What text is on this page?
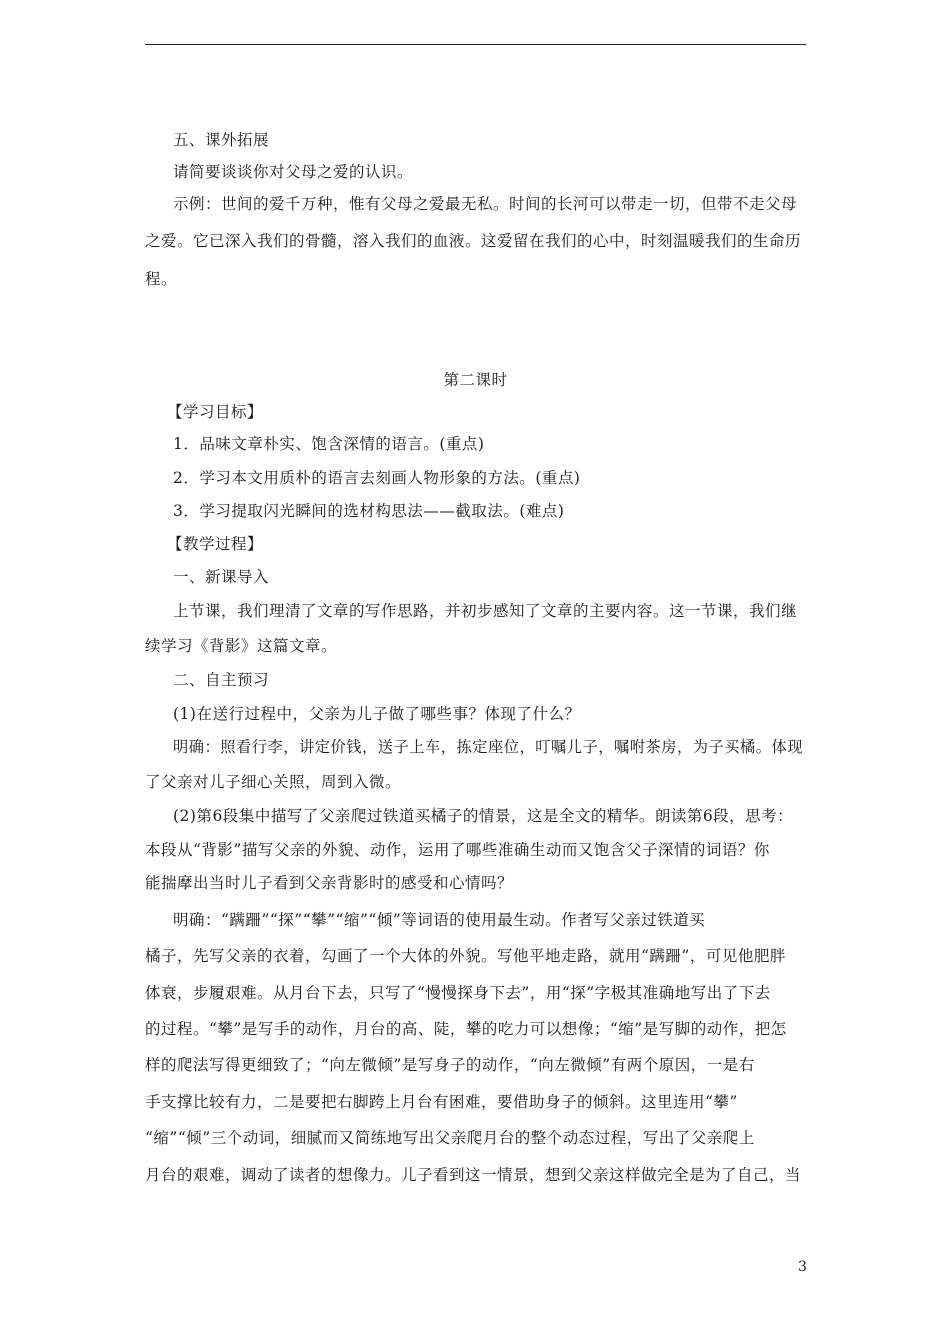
五、课外拓展
请简要谈谈你对父母之爱的认识。
示例：世间的爱千万种，惟有父母之爱最无私。时间的长河可以带走一切，但带不走父母
之爱。它已深入我们的骨髓，溶入我们的血液。这爱留在我们的心中，时刻温暖我们的生命历
程。
第二课时
【学习目标】
1．品味文章朴实、饱含深情的语言。(重点)
2．学习本文用质朴的语言去刻画人物形象的方法。(重点)
3．学习提取闪光瞬间的选材构思法——截取法。(难点)
【教学过程】
一、新课导入
上节课，我们理清了文章的写作思路，并初步感知了文章的主要内容。这一节课，我们继
续学习《背影》这篇文章。
二、自主预习
(1)在送行过程中，父亲为儿子做了哪些事？体现了什么？
明确：照看行李，讲定价钱，送子上车，拣定座位，叮嘱儿子，嘱咐茶房，为子买橘。体现
了父亲对儿子细心关照，周到入微。
(2)第6段集中描写了父亲爬过铁道买橘子的情景，这是全文的精华。朗读第6段，思考：
本段从“背影”描写父亲的外貌、动作，运用了哪些准确生动而又饱含父子深情的词语？你
能揣摩出当时儿子看到父亲背影时的感受和心情吗？
明确：“蹒跚”“探”“攀”“缩”“倾”等词语的使用最生动。作者写父亲过铁道买
橘子，先写父亲的衣着，勾画了一个大体的外貌。写他平地走路，就用“蹒跚”，可见他肥胖
体衰，步履艰难。从月台下去，只写了“慢慢探身下去”，用“探”字极其准确地写出了下去
的过程。“攀”是写手的动作，月台的高、陡，攀的吃力可以想像；“缩”是写脚的动作，把怎
样的爬法写得更细致了；“向左微倾”是写身子的动作，“向左微倾”有两个原因，一是右
手支撑比较有力，二是要把右脚跨上月台有困难，要借助身子的倾斜。这里连用“攀”
“缩”“倾”三个动词，细腻而又简练地写出父亲爬月台的整个动态过程，写出了父亲爬上
月台的艰难，调动了读者的想像力。儿子看到这一情景，想到父亲这样做完全是为了自己，当
3
